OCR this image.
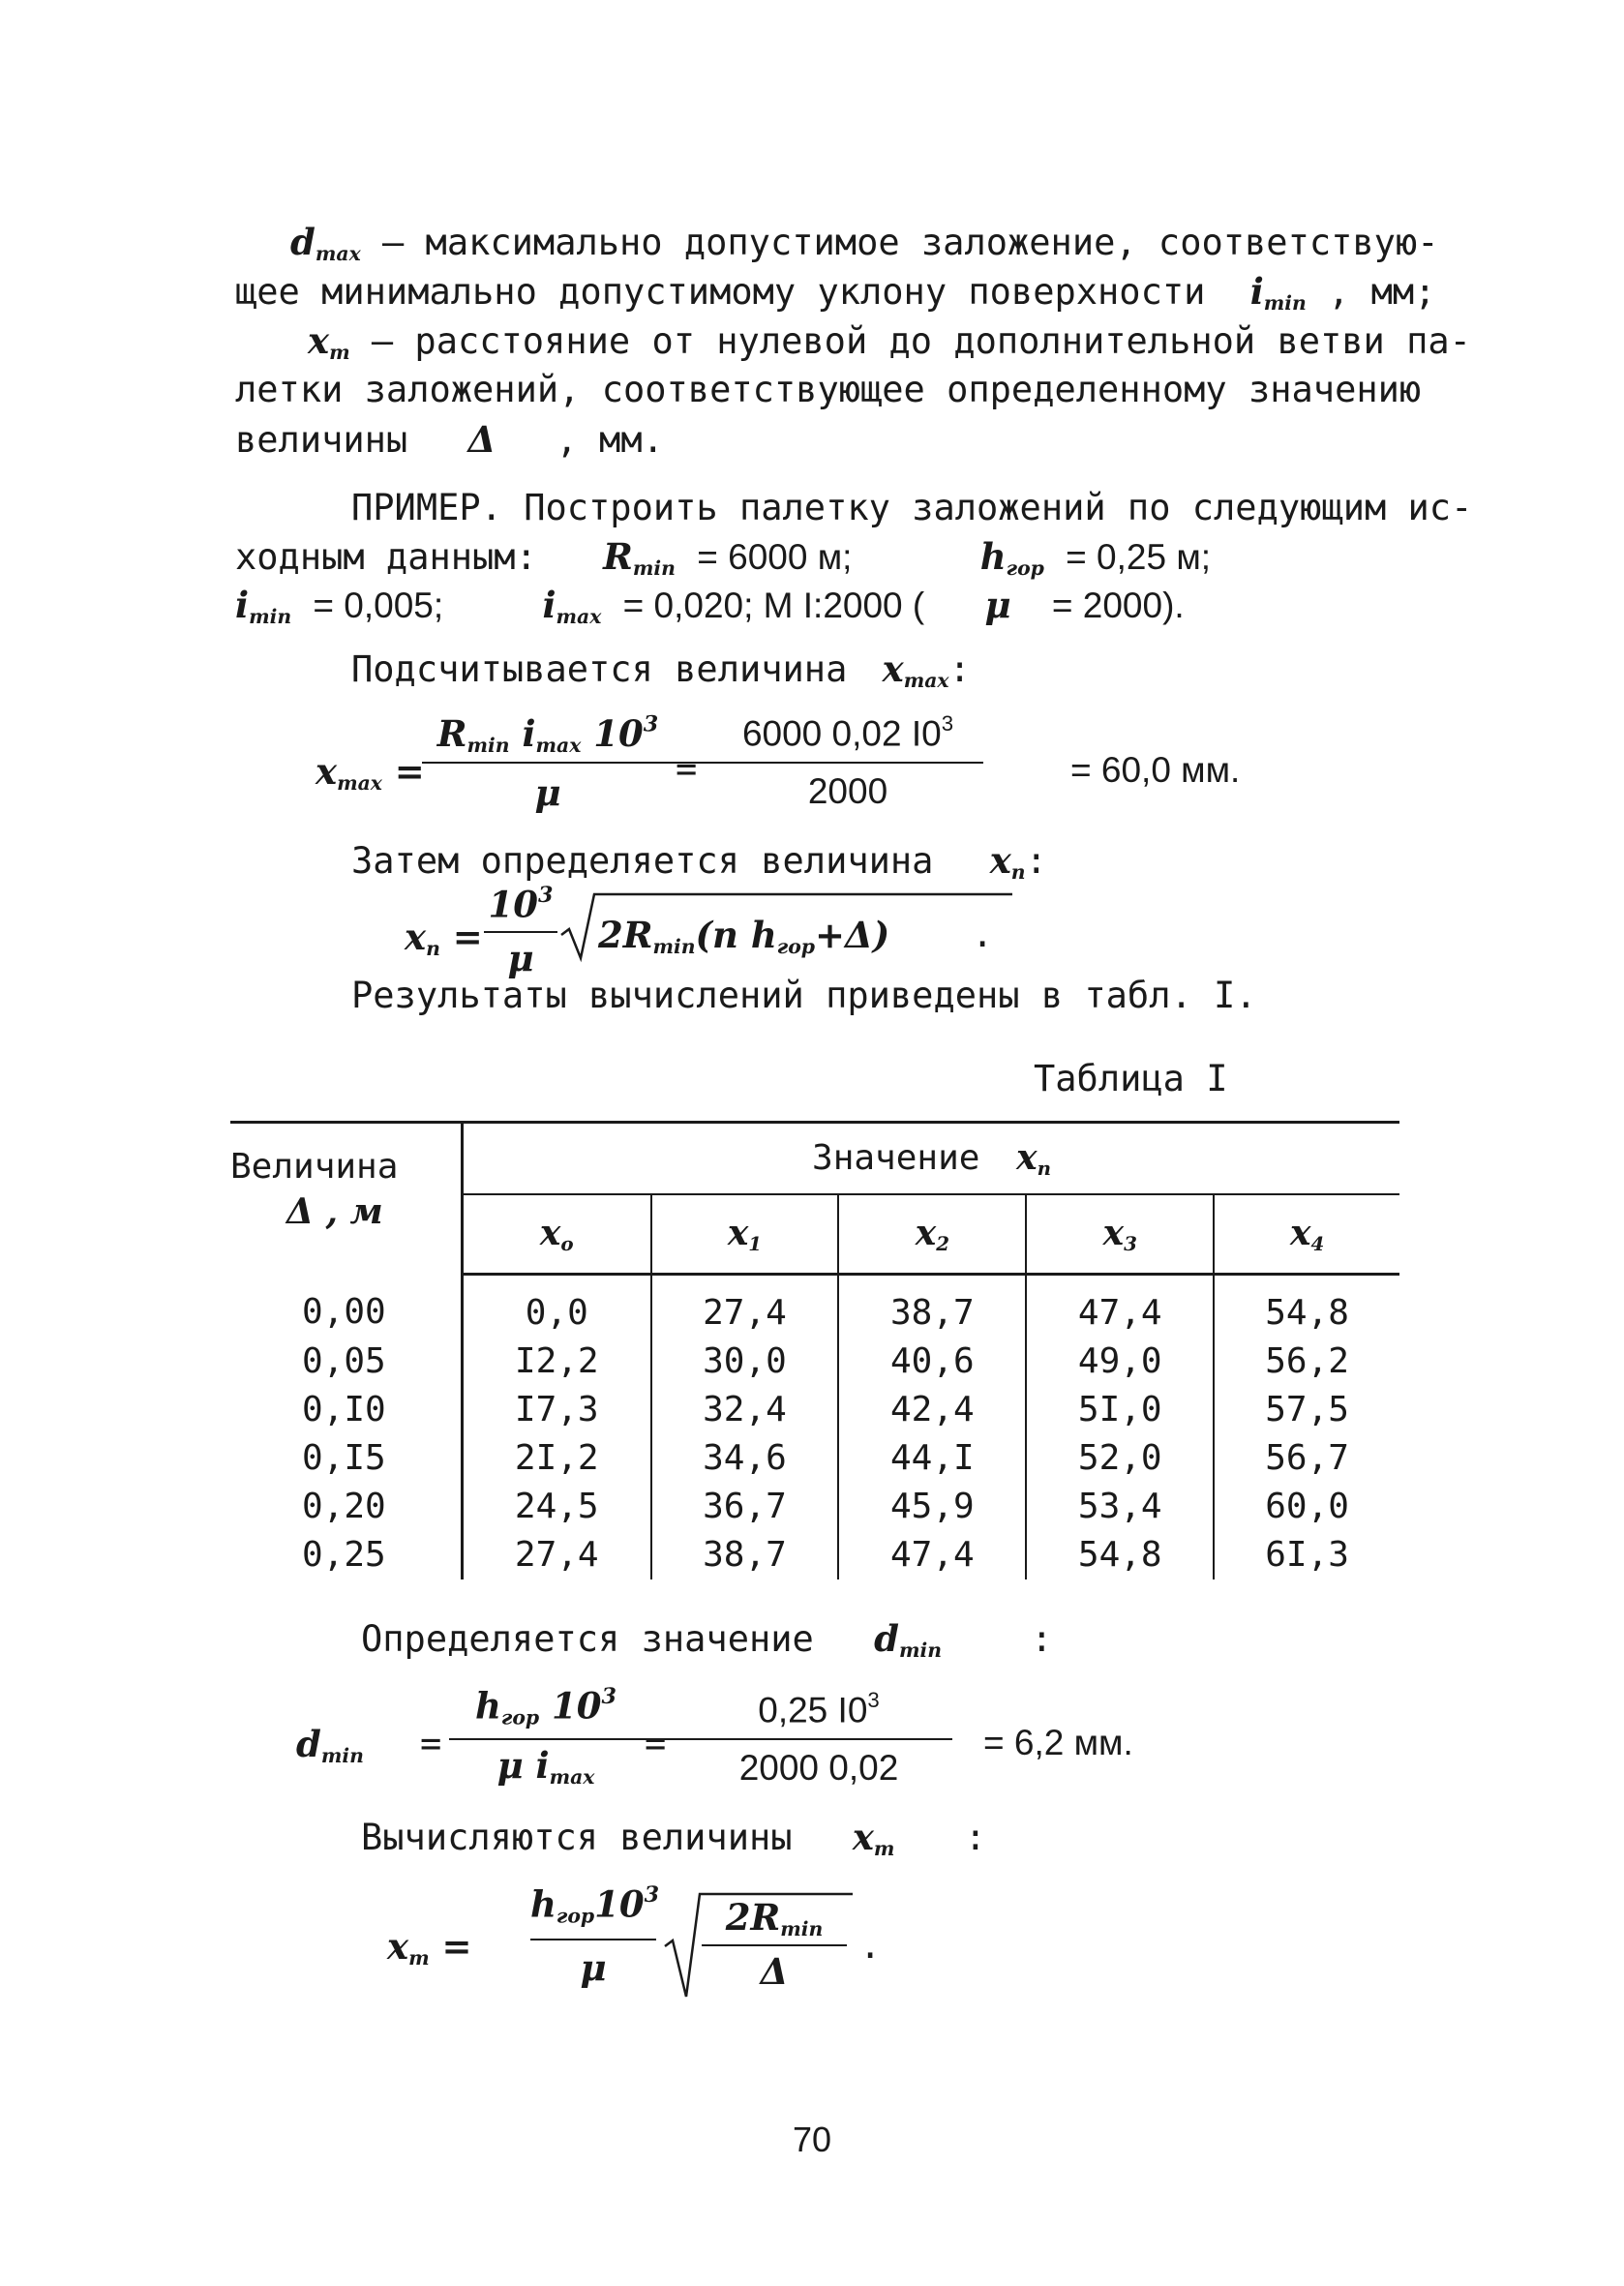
$d_{max}$ – максимально допустимое заложение, соответствую-
щее минимально допустимому уклону поверхности $i_{min}$ , мм;
$x_m$ – расстояние от нулевой до дополнительной ветви па-
летки заложений, соответствующее определенному значению
величины Δ , мм.
ПРИМЕР. Построить палетку заложений по следующим ис-
ходным данным: $R_{min} = 6000$ м;	$h_{гор} = 0,25$ м;
$i_{min} = 0,005$;	$i_{max} = 0,020$; М I:2000 ( μ = 2000).
Подсчитывается величина $x_{max}$:
$x_{max}$ =
$R_{min}$ $i_{max}$ $10^3$
μ
=
6000 0,02 $I0^3$
2000
= 60,0 мм.
Затем определяется величина $x_n$:
$x_n$ =
$10^3$
μ
$2R_{min}(n$ $h_{гор}+\Delta$) .
Результаты вычислений приведены в табл. I.
Таблица I
Величина
Δ , м	Значение $x_n$
	$x_o$	$x_1$	$x_2$	$x_3$	$x_4$
0,00	0,0	27,4	38,7	47,4	54,8
0,05	I2,2	30,0	40,6	49,0	56,2
0,I0	I7,3	32,4	42,4	5I,0	57,5
0,I5	2I,2	34,6	44,I	52,0	56,7
0,20	24,5	36,7	45,9	53,4	60,0
0,25	27,4	38,7	47,4	54,8	6I,3
Определяется значение $d_{min}$ :
$d_{min}$ =
$h_{гор}$ $10^3$
μ $i_{max}$
=
0,25 $I0^3$
2000 0,02
= 6,2 мм.
Вычисляются величины $x_m$ :
$x_m$ =
$h_{гор}10^3$
μ
$2R_{min}$
Δ
.
70
